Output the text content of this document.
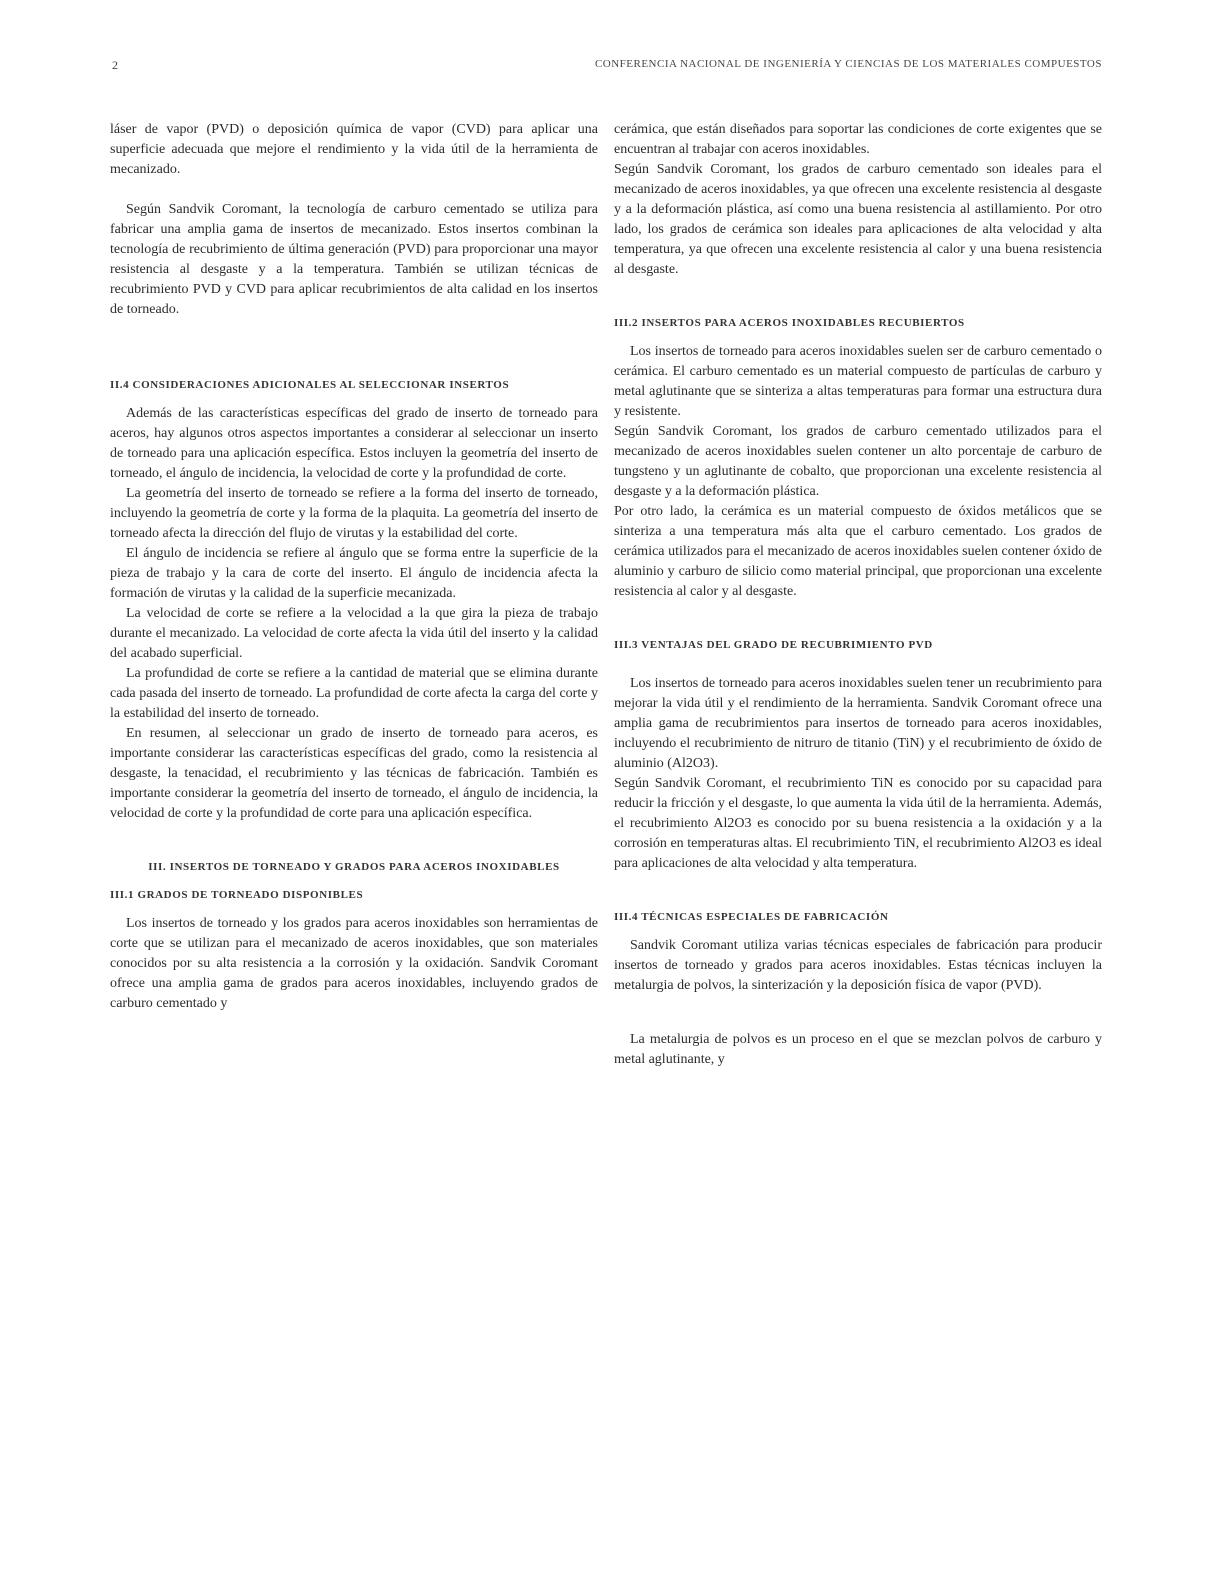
2	CONFERENCIA NACIONAL DE INGENIERÍA Y CIENCIAS DE LOS MATERIALES COMPUESTOS

láser de vapor (PVD) o deposición química de vapor (CVD) para aplicar una superficie adecuada que mejore el rendimiento y la vida útil de la herramienta de mecanizado.

Según Sandvik Coromant, la tecnología de carburo cementado se utiliza para fabricar una amplia gama de insertos de mecanizado. Estos insertos combinan la tecnología de recubrimiento de última generación (PVD) para proporcionar una mayor resistencia al desgaste y a la temperatura. También se utilizan técnicas de recubrimiento PVD y CVD para aplicar recubrimientos de alta calidad en los insertos de torneado.

II.4 CONSIDERACIONES ADICIONALES AL SELECCIONAR INSERTOS

Además de las características específicas del grado de inserto de torneado para aceros, hay algunos otros aspectos importantes a considerar al seleccionar un inserto de torneado para una aplicación específica. Estos incluyen la geometría del inserto de torneado, el ángulo de incidencia, la velocidad de corte y la profundidad de corte.

La geometría del inserto de torneado se refiere a la forma del inserto de torneado, incluyendo la geometría de corte y la forma de la plaquita. La geometría del inserto de torneado afecta la dirección del flujo de virutas y la estabilidad del corte.

El ángulo de incidencia se refiere al ángulo que se forma entre la superficie de la pieza de trabajo y la cara de corte del inserto. El ángulo de incidencia afecta la formación de virutas y la calidad de la superficie mecanizada.

La velocidad de corte se refiere a la velocidad a la que gira la pieza de trabajo durante el mecanizado. La velocidad de corte afecta la vida útil del inserto y la calidad del acabado superficial.

La profundidad de corte se refiere a la cantidad de material que se elimina durante cada pasada del inserto de torneado. La profundidad de corte afecta la carga del corte y la estabilidad del inserto de torneado.

En resumen, al seleccionar un grado de inserto de torneado para aceros, es importante considerar las características específicas del grado, como la resistencia al desgaste, la tenacidad, el recubrimiento y las técnicas de fabricación. También es importante considerar la geometría del inserto de torneado, el ángulo de incidencia, la velocidad de corte y la profundidad de corte para una aplicación específica.

III. INSERTOS DE TORNEADO Y GRADOS PARA ACEROS INOXIDABLES
III.1 GRADOS DE TORNEADO DISPONIBLES

Los insertos de torneado y los grados para aceros inoxidables son herramientas de corte que se utilizan para el mecanizado de aceros inoxidables, que son materiales conocidos por su alta resistencia a la corrosión y la oxidación. Sandvik Coromant ofrece una amplia gama de grados para aceros inoxidables, incluyendo grados de carburo cementado y

cerámica, que están diseñados para soportar las condiciones de corte exigentes que se encuentran al trabajar con aceros inoxidables.

Según Sandvik Coromant, los grados de carburo cementado son ideales para el mecanizado de aceros inoxidables, ya que ofrecen una excelente resistencia al desgaste y a la deformación plástica, así como una buena resistencia al astillamiento. Por otro lado, los grados de cerámica son ideales para aplicaciones de alta velocidad y alta temperatura, ya que ofrecen una excelente resistencia al calor y una buena resistencia al desgaste.

III.2 INSERTOS PARA ACEROS INOXIDABLES RECUBIERTOS

Los insertos de torneado para aceros inoxidables suelen ser de carburo cementado o cerámica. El carburo cementado es un material compuesto de partículas de carburo y metal aglutinante que se sinteriza a altas temperaturas para formar una estructura dura y resistente.

Según Sandvik Coromant, los grados de carburo cementado utilizados para el mecanizado de aceros inoxidables suelen contener un alto porcentaje de carburo de tungsteno y un aglutinante de cobalto, que proporcionan una excelente resistencia al desgaste y a la deformación plástica.

Por otro lado, la cerámica es un material compuesto de óxidos metálicos que se sinteriza a una temperatura más alta que el carburo cementado. Los grados de cerámica utilizados para el mecanizado de aceros inoxidables suelen contener óxido de aluminio y carburo de silicio como material principal, que proporcionan una excelente resistencia al calor y al desgaste.

III.3 VENTAJAS DEL GRADO DE RECUBRIMIENTO PVD

Los insertos de torneado para aceros inoxidables suelen tener un recubrimiento para mejorar la vida útil y el rendimiento de la herramienta. Sandvik Coromant ofrece una amplia gama de recubrimientos para insertos de torneado para aceros inoxidables, incluyendo el recubrimiento de nitruro de titanio (TiN) y el recubrimiento de óxido de aluminio (Al2O3).

Según Sandvik Coromant, el recubrimiento TiN es conocido por su capacidad para reducir la fricción y el desgaste, lo que aumenta la vida útil de la herramienta. Además, el recubrimiento Al2O3 es conocido por su buena resistencia a la oxidación y a la corrosión en temperaturas altas. El recubrimiento TiN, el recubrimiento Al2O3 es ideal para aplicaciones de alta velocidad y alta temperatura.

III.4 TÉCNICAS ESPECIALES DE FABRICACIÓN

Sandvik Coromant utiliza varias técnicas especiales de fabricación para producir insertos de torneado y grados para aceros inoxidables. Estas técnicas incluyen la metalurgia de polvos, la sinterización y la deposición física de vapor (PVD).

La metalurgia de polvos es un proceso en el que se mezclan polvos de carburo y metal aglutinante, y
